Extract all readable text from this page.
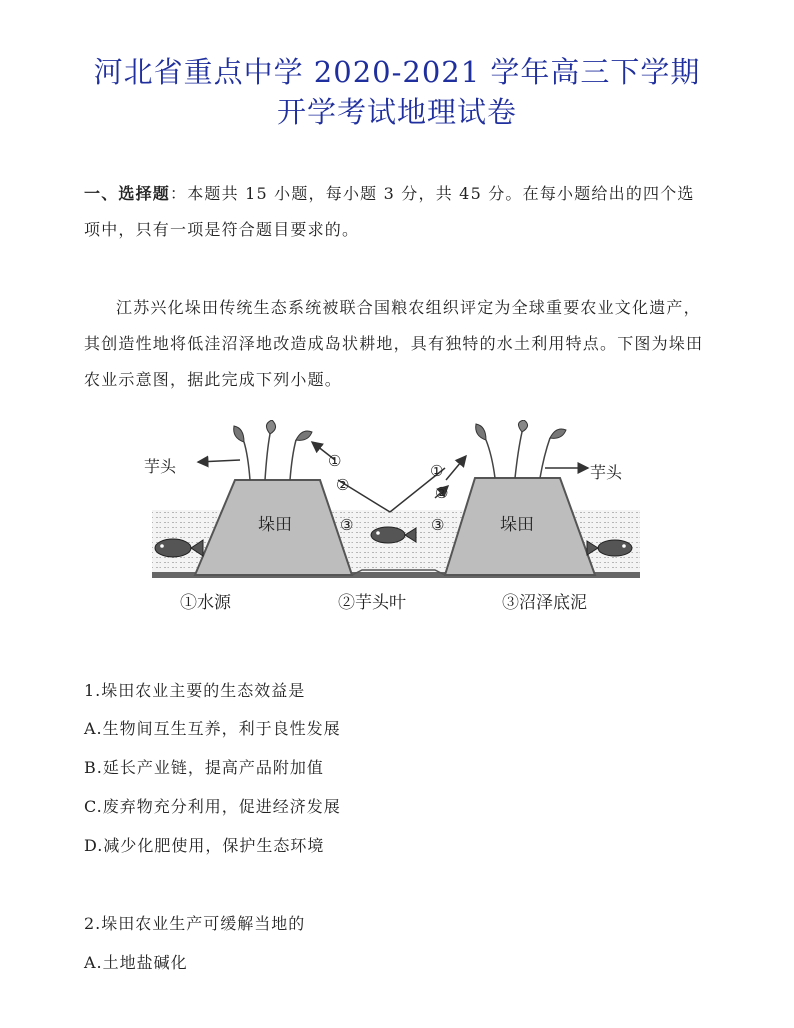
河北省重点中学 2020-2021 学年高三下学期
开学考试地理试卷

一、选择题：本题共 15 小题，每小题 3 分，共 45 分。在每小题给出的四个选项中，只有一项是符合题目要求的。

江苏兴化垛田传统生态系统被联合国粮农组织评定为全球重要农业文化遗产，其创造性地将低洼沼泽地改造成岛状耕地，具有独特的水土利用特点。下图为垛田农业示意图，据此完成下列小题。

芋头	芋头
垛田	垛田
①
②
③
①
②
③
①水源	②芋头叶	③沼泽底泥

1.垛田农业主要的生态效益是

A.生物间互生互养，利于良性发展

B.延长产业链，提高产品附加值

C.废弃物充分利用，促进经济发展

D.减少化肥使用，保护生态环境

2.垛田农业生产可缓解当地的

A.土地盐碱化
